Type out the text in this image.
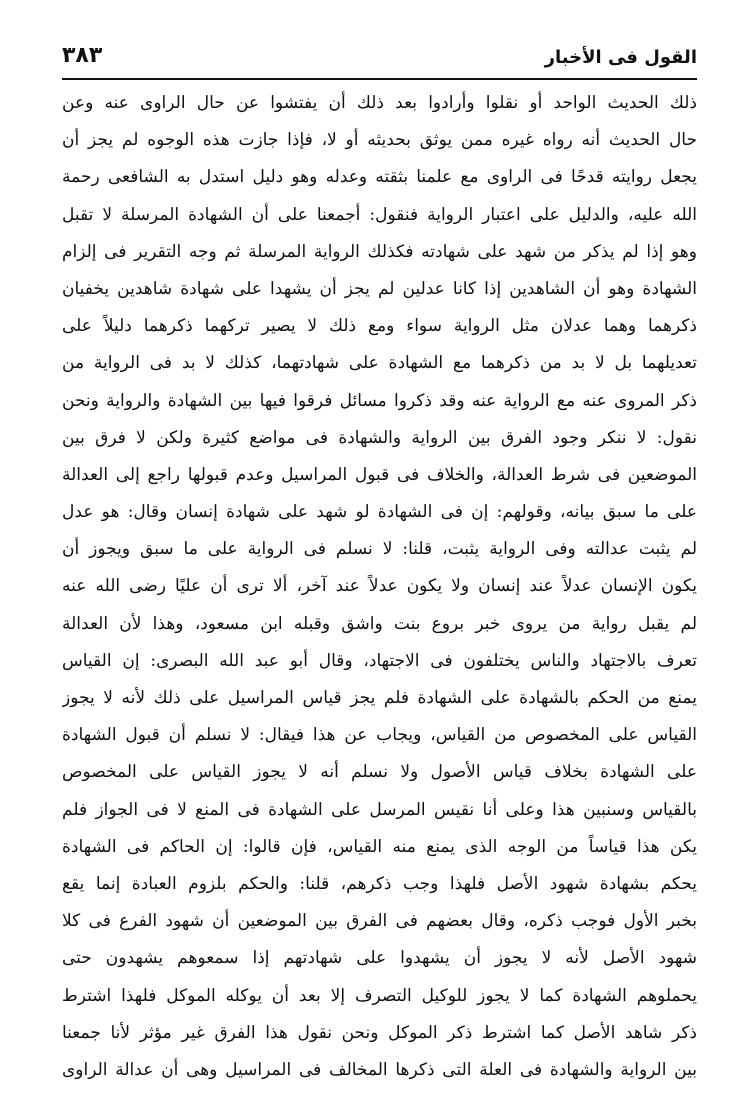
القول فى الأخبار
٣٨٣
ذلك الحديث الواحد أو نقلوا وأرادوا بعد ذلك أن يفتشوا عن حال الراوى عنه وعن
حال الحديث أنه رواه غيره ممن يوثق بحديثه أو لا، فإذا جازت هذه الوجوه لم يجز أن
يجعل روايته قدحًا فى الراوى مع علمنا بثقته وعدله وهو دليل استدل به الشافعى رحمة
الله عليه، والدليل على اعتبار الرواية فنقول: أجمعنا على أن الشهادة المرسلة لا تقبل
وهو إذا لم يذكر من شهد على شهادته فكذلك الرواية المرسلة ثم وجه التقرير فى إلزام
الشهادة وهو أن الشاهدين إذا كانا عدلين لم يجز أن يشهدا على شهادة شاهدين يخفيان
ذكرهما وهما عدلان مثل الرواية سواء ومع ذلك لا يصير تركهما ذكرهما دليلاً على
تعديلهما بل لا بد من ذكرهما مع الشهادة على شهادتهما، كذلك لا بد فى الرواية من
ذكر المروى عنه مع الرواية عنه وقد ذكروا مسائل فرقوا فيها بين الشهادة والرواية ونحن
نقول: لا ننكر وجود الفرق بين الرواية والشهادة فى مواضع كثيرة ولكن لا فرق بين
الموضعين فى شرط العدالة، والخلاف فى قبول المراسيل وعدم قبولها راجع إلى العدالة
على ما سبق بيانه، وقولهم: إن فى الشهادة لو شهد على شهادة إنسان وقال: هو عدل
لم يثبت عدالته وفى الرواية يثبت، قلنا: لا نسلم فى الرواية على ما سبق ويجوز أن
يكون الإنسان عدلاً عند إنسان ولا يكون عدلاً عند آخر، ألا ترى أن عليًا رضى الله عنه
لم يقبل رواية من يروى خبر بروع بنت واشق وقبله ابن مسعود، وهذا لأن العدالة
تعرف بالاجتهاد والناس يختلفون فى الاجتهاد، وقال أبو عبد الله البصرى: إن القياس
يمنع من الحكم بالشهادة على الشهادة فلم يجز قياس المراسيل على ذلك لأنه لا يجوز
القياس على المخصوص من القياس، ويجاب عن هذا فيقال: لا نسلم أن قبول الشهادة
على الشهادة بخلاف قياس الأصول ولا نسلم أنه لا يجوز القياس على المخصوص
بالقياس وسنبين هذا وعلى أنا نقيس المرسل على الشهادة فى المنع لا فى الجواز فلم
يكن هذا قياساً من الوجه الذى يمنع منه القياس، فإن قالوا: إن الحاكم فى الشهادة
يحكم بشهادة شهود الأصل فلهذا وجب ذكرهم، قلنا: والحكم بلزوم العبادة إنما يقع
بخبر الأول فوجب ذكره، وقال بعضهم فى الفرق بين الموضعين أن شهود الفرع فى كلا
شهود الأصل لأنه لا يجوز أن يشهدوا على شهادتهم إذا سمعوهم يشهدون حتى
يحملوهم الشهادة كما لا يجوز للوكيل التصرف إلا بعد أن يوكله الموكل فلهذا اشترط
ذكر شاهد الأصل كما اشترط ذكر الموكل ونحن نقول هذا الفرق غير مؤثر لأنا جمعنا
بين الرواية والشهادة فى العلة التى ذكرها المخالف فى المراسيل وهى أن عدالة الراوى
